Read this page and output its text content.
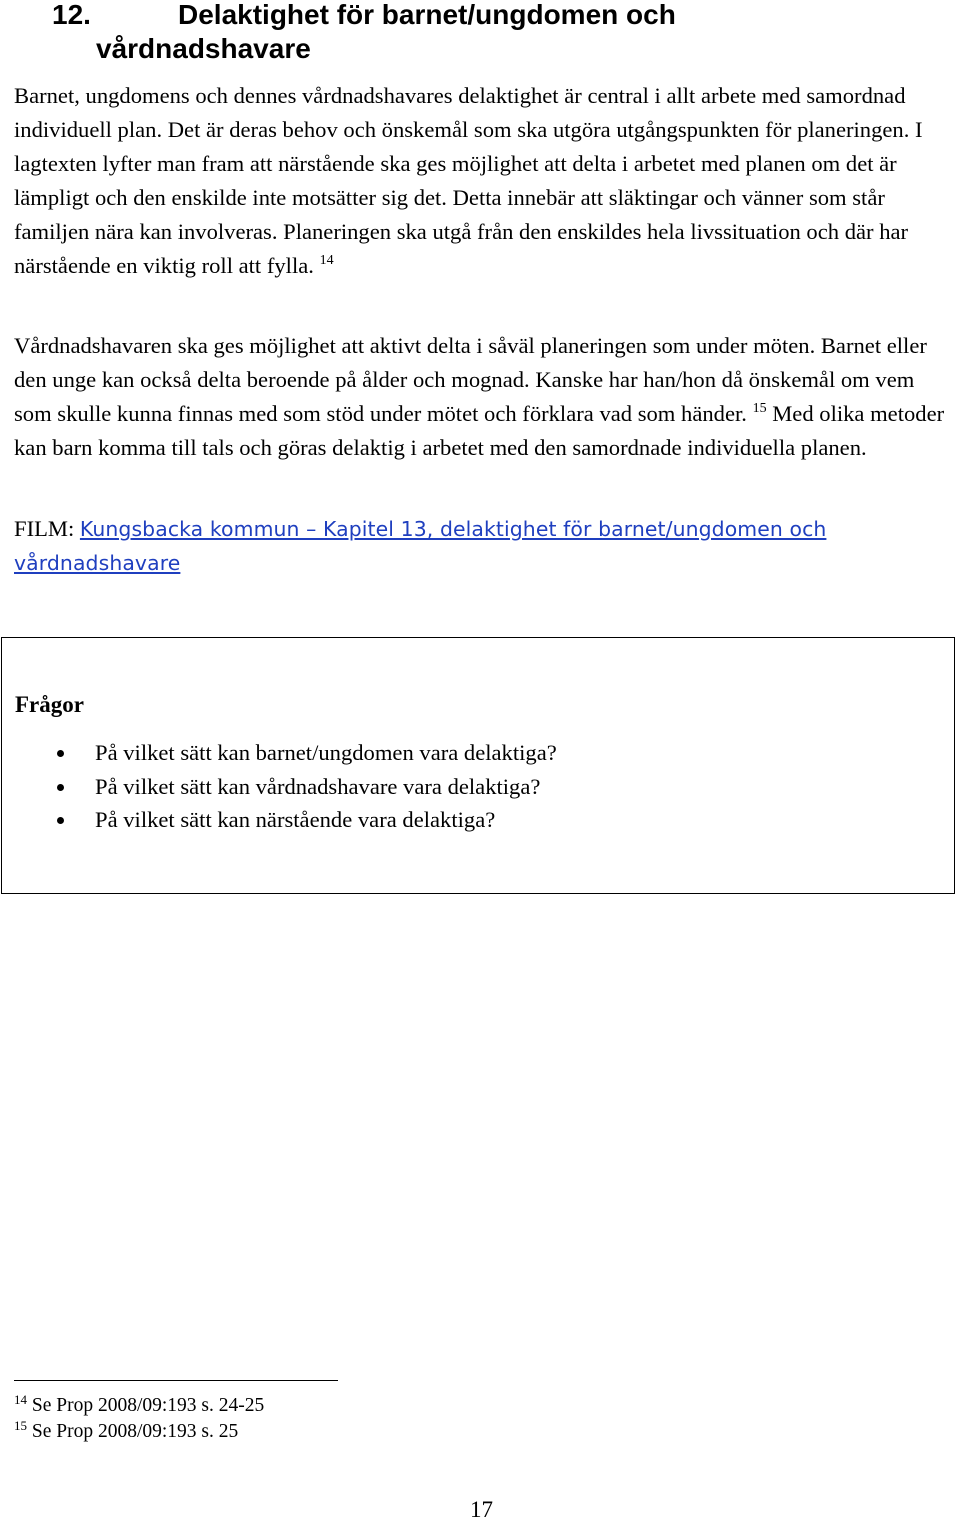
12.	Delaktighet för barnet/ungdomen och
vårdnadshavare

Barnet, ungdomens och dennes vårdnadshavares delaktighet är central i allt arbete med samordnad individuell plan. Det är deras behov och önskemål som ska utgöra utgångspunkten för planeringen. I lagtexten lyfter man fram att närstående ska ges möjlighet att delta i arbetet med planen om det är lämpligt och den enskilde inte motsätter sig det. Detta innebär att släktingar och vänner som står familjen nära kan involveras. Planeringen ska utgå från den enskildes hela livssituation och där har närstående en viktig roll att fylla. $^{14}$

Vårdnadshavaren ska ges möjlighet att aktivt delta i såväl planeringen som under möten. Barnet eller den unge kan också delta beroende på ålder och mognad. Kanske har han/hon då önskemål om vem som skulle kunna finnas med som stöd under mötet och förklara vad som händer. $^{15}$ Med olika metoder kan barn komma till tals och göras delaktig i arbetet med den samordnade individuella planen.

FILM: Kungsbacka kommun – Kapitel 13, delaktighet för barnet/ungdomen och vårdnadshavare
Frågor
På vilket sätt kan barnet/ungdomen vara delaktiga?
På vilket sätt kan vårdnadshavare vara delaktiga?
På vilket sätt kan närstående vara delaktiga?
$^{14}$ Se Prop 2008/09:193 s. 24-25
$^{15}$ Se Prop 2008/09:193 s. 25
17
